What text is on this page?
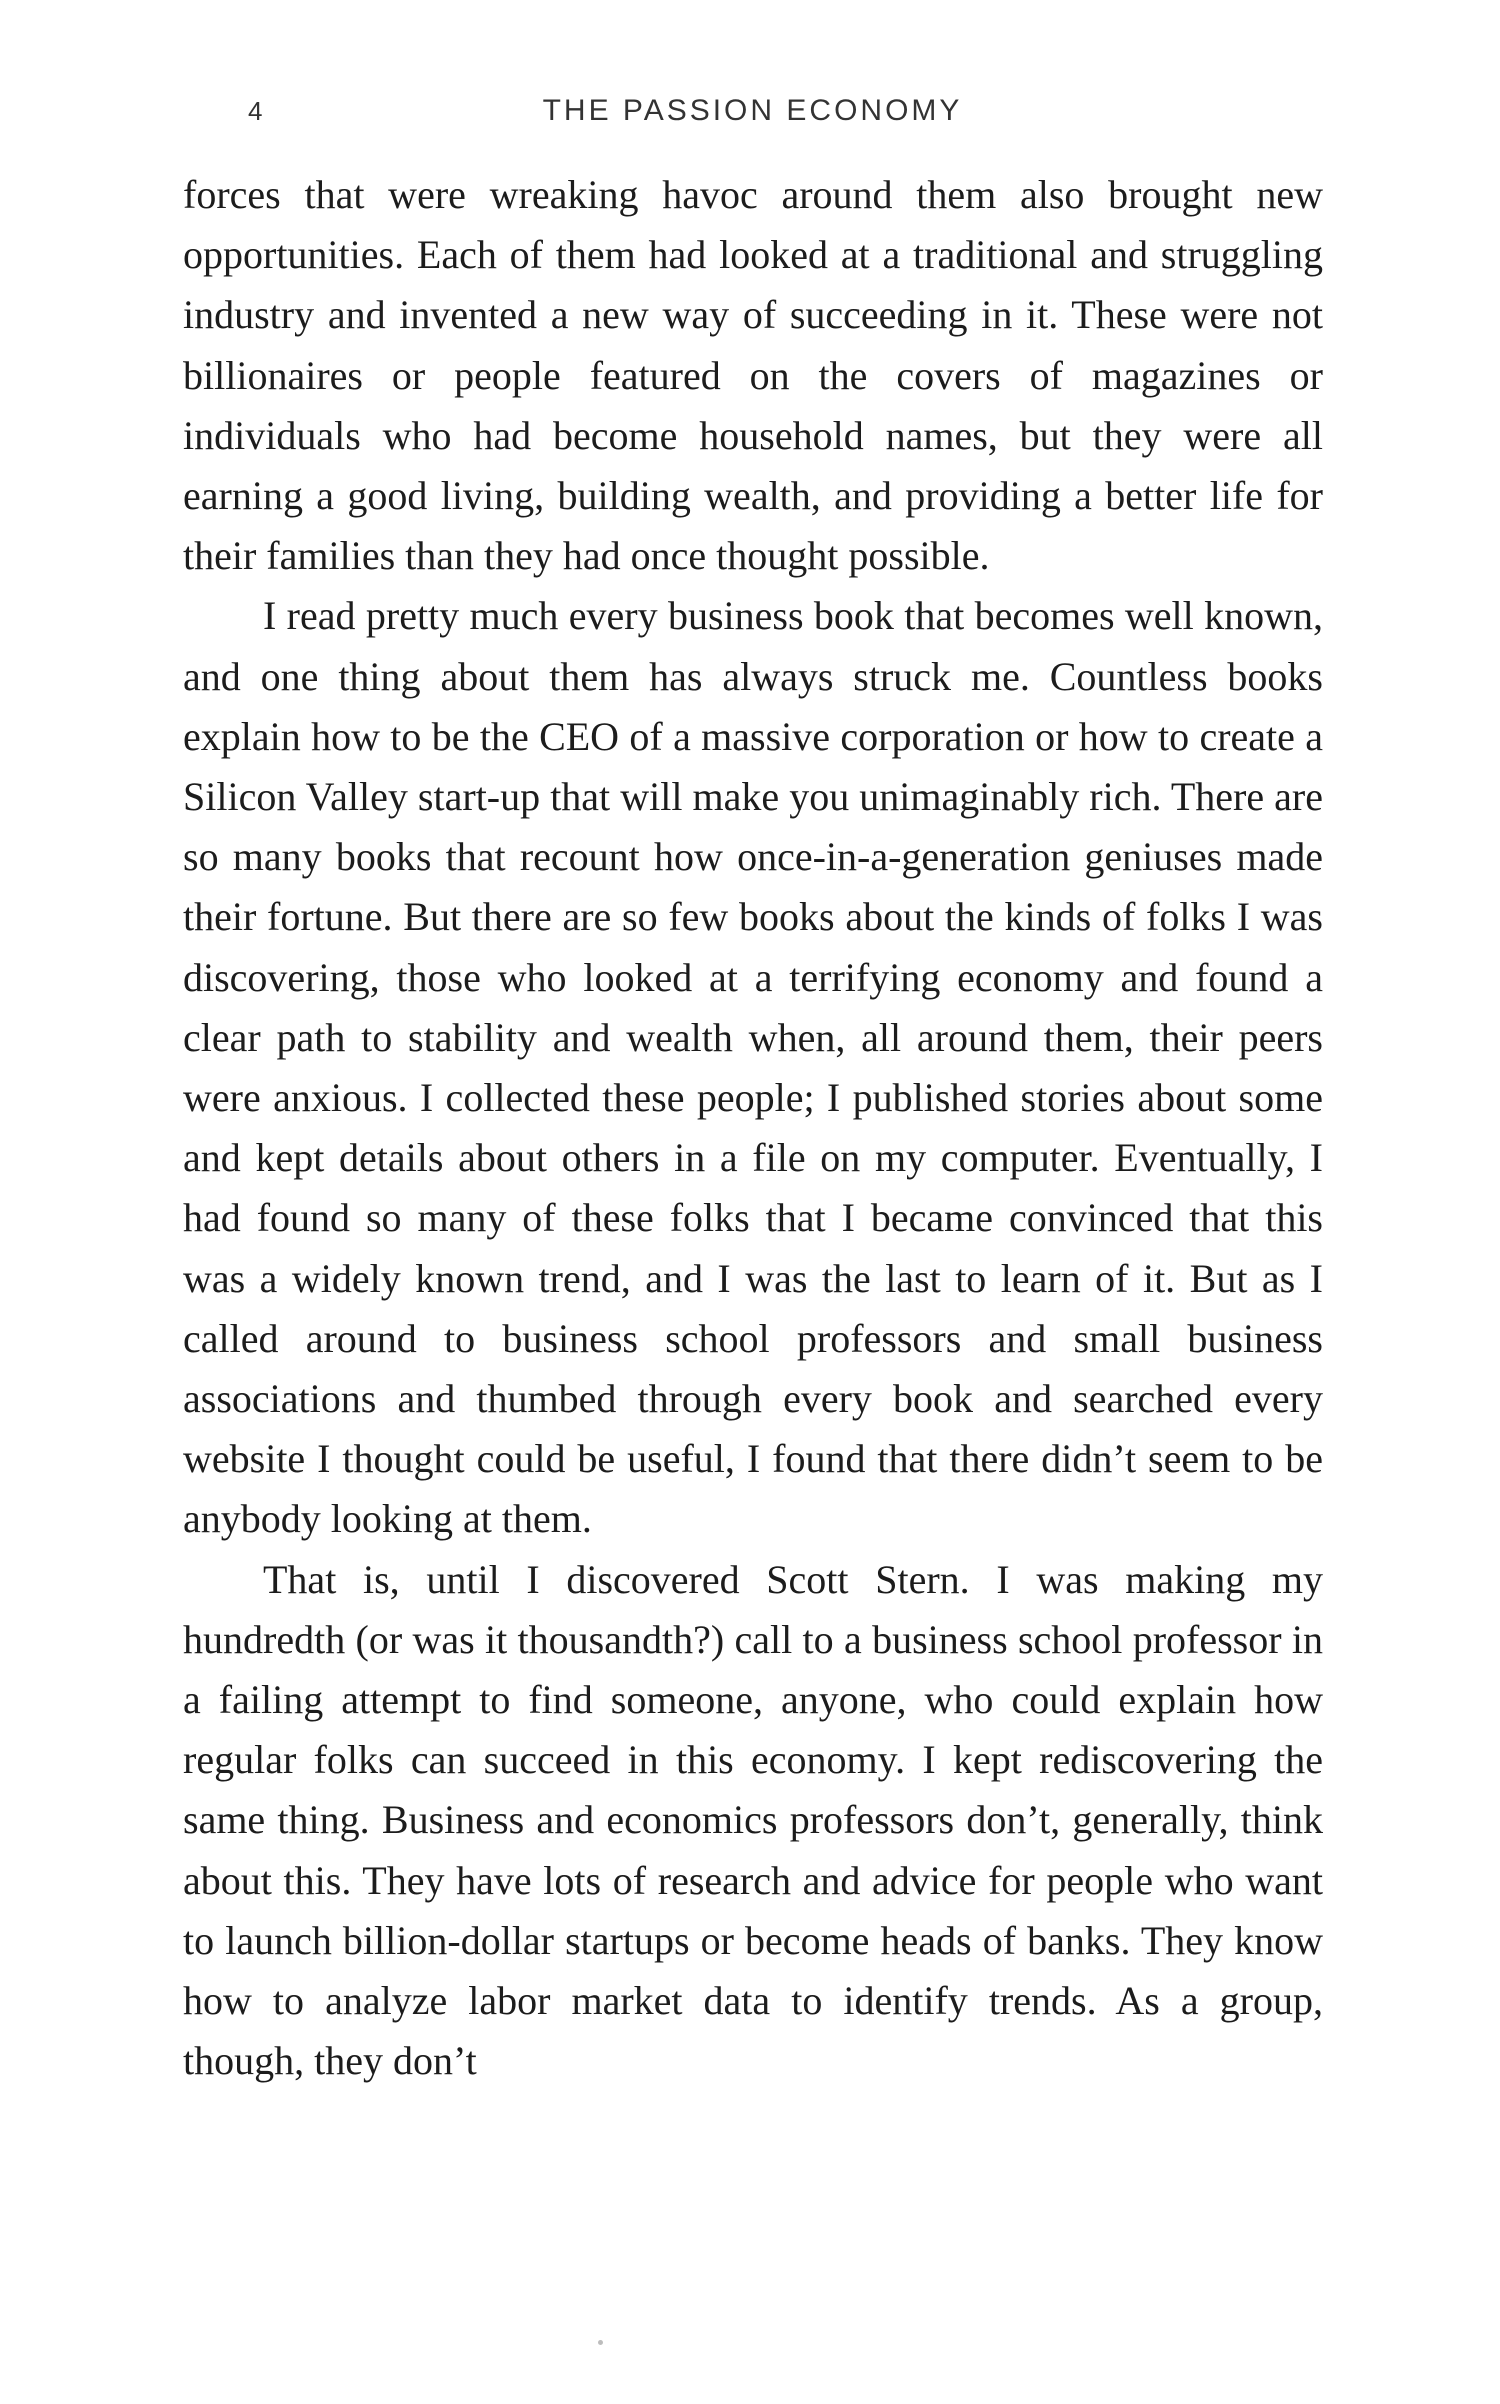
4	THE PASSION ECONOMY

forces that were wreaking havoc around them also brought new opportunities. Each of them had looked at a traditional and struggling industry and invented a new way of succeeding in it. These were not billionaires or people featured on the covers of magazines or individuals who had become household names, but they were all earning a good living, building wealth, and providing a better life for their families than they had once thought possible.

I read pretty much every business book that becomes well known, and one thing about them has always struck me. Countless books explain how to be the CEO of a massive corporation or how to create a Silicon Valley start-up that will make you unimaginably rich. There are so many books that recount how once-in-a-generation geniuses made their fortune. But there are so few books about the kinds of folks I was discovering, those who looked at a terrifying economy and found a clear path to stability and wealth when, all around them, their peers were anxious. I collected these people; I published stories about some and kept details about others in a file on my computer. Eventually, I had found so many of these folks that I became convinced that this was a widely known trend, and I was the last to learn of it. But as I called around to business school professors and small business associations and thumbed through every book and searched every website I thought could be useful, I found that there didn’t seem to be anybody looking at them.

That is, until I discovered Scott Stern. I was making my hundredth (or was it thousandth?) call to a business school professor in a failing attempt to find someone, anyone, who could explain how regular folks can succeed in this economy. I kept rediscovering the same thing. Business and economics professors don’t, generally, think about this. They have lots of research and advice for people who want to launch billion-dollar startups or become heads of banks. They know how to analyze labor market data to identify trends. As a group, though, they don’t
